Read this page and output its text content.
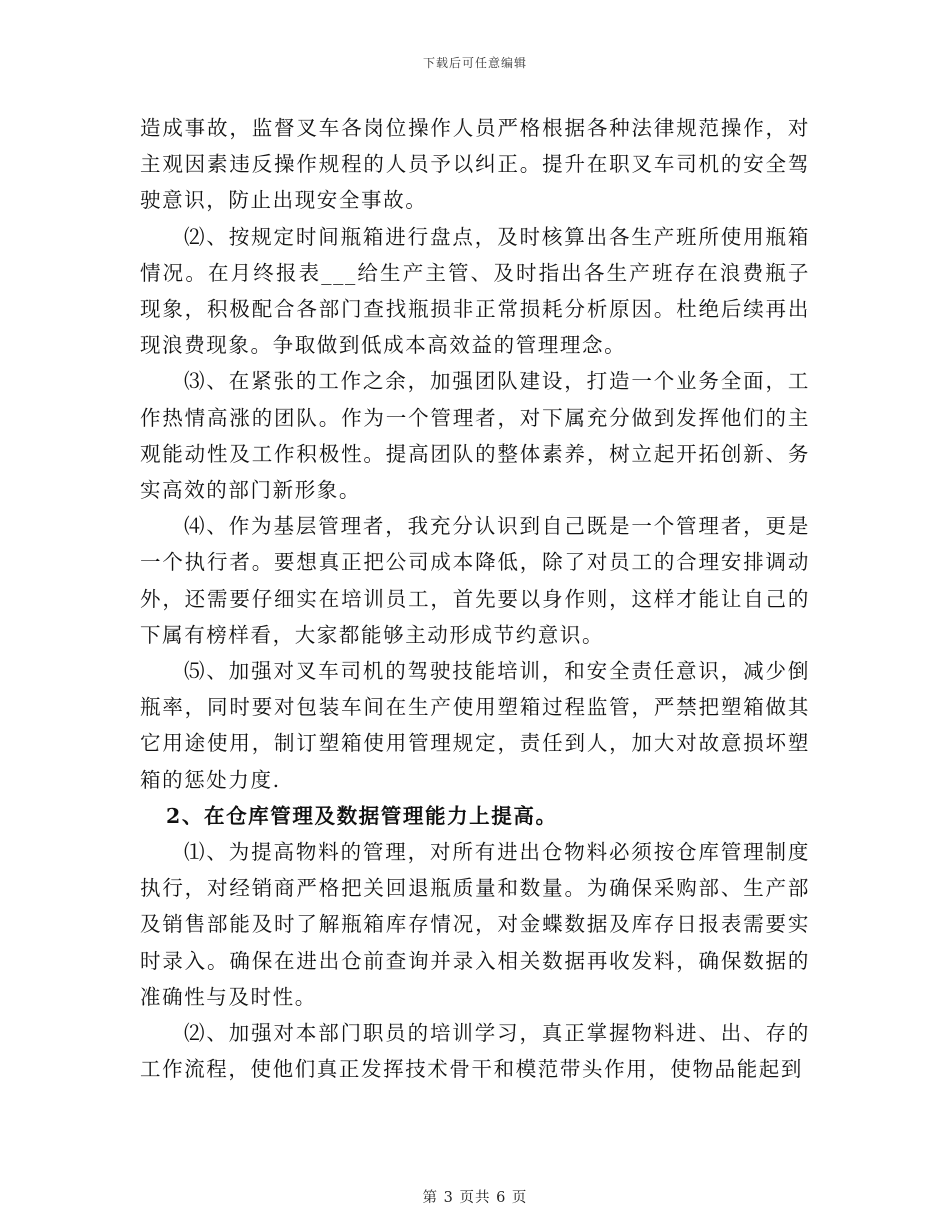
下载后可任意编辑

造成事故，监督叉车各岗位操作人员严格根据各种法律规范操作，对主观因素违反操作规程的人员予以纠正。提升在职叉车司机的安全驾驶意识，防止出现安全事故。

⑵、按规定时间瓶箱进行盘点，及时核算出各生产班所使用瓶箱情况。在月终报表___给生产主管、及时指出各生产班存在浪费瓶子现象，积极配合各部门查找瓶损非正常损耗分析原因。杜绝后续再出现浪费现象。争取做到低成本高效益的管理理念。

⑶、在紧张的工作之余，加强团队建设，打造一个业务全面，工作热情高涨的团队。作为一个管理者，对下属充分做到发挥他们的主观能动性及工作积极性。提高团队的整体素养，树立起开拓创新、务实高效的部门新形象。

⑷、作为基层管理者，我充分认识到自己既是一个管理者，更是一个执行者。要想真正把公司成本降低，除了对员工的合理安排调动外，还需要仔细实在培训员工，首先要以身作则，这样才能让自己的下属有榜样看，大家都能够主动形成节约意识。

⑸、加强对叉车司机的驾驶技能培训，和安全责任意识，减少倒瓶率，同时要对包装车间在生产使用塑箱过程监管，严禁把塑箱做其它用途使用，制订塑箱使用管理规定，责任到人，加大对故意损坏塑箱的惩处力度.

2、在仓库管理及数据管理能力上提高。

⑴、为提高物料的管理，对所有进出仓物料必须按仓库管理制度执行，对经销商严格把关回退瓶质量和数量。为确保采购部、生产部及销售部能及时了解瓶箱库存情况，对金蝶数据及库存日报表需要实时录入。确保在进出仓前查询并录入相关数据再收发料，确保数据的准确性与及时性。

⑵、加强对本部门职员的培训学习，真正掌握物料进、出、存的工作流程，使他们真正发挥技术骨干和模范带头作用，使物品能起到

第 3 页共 6 页
